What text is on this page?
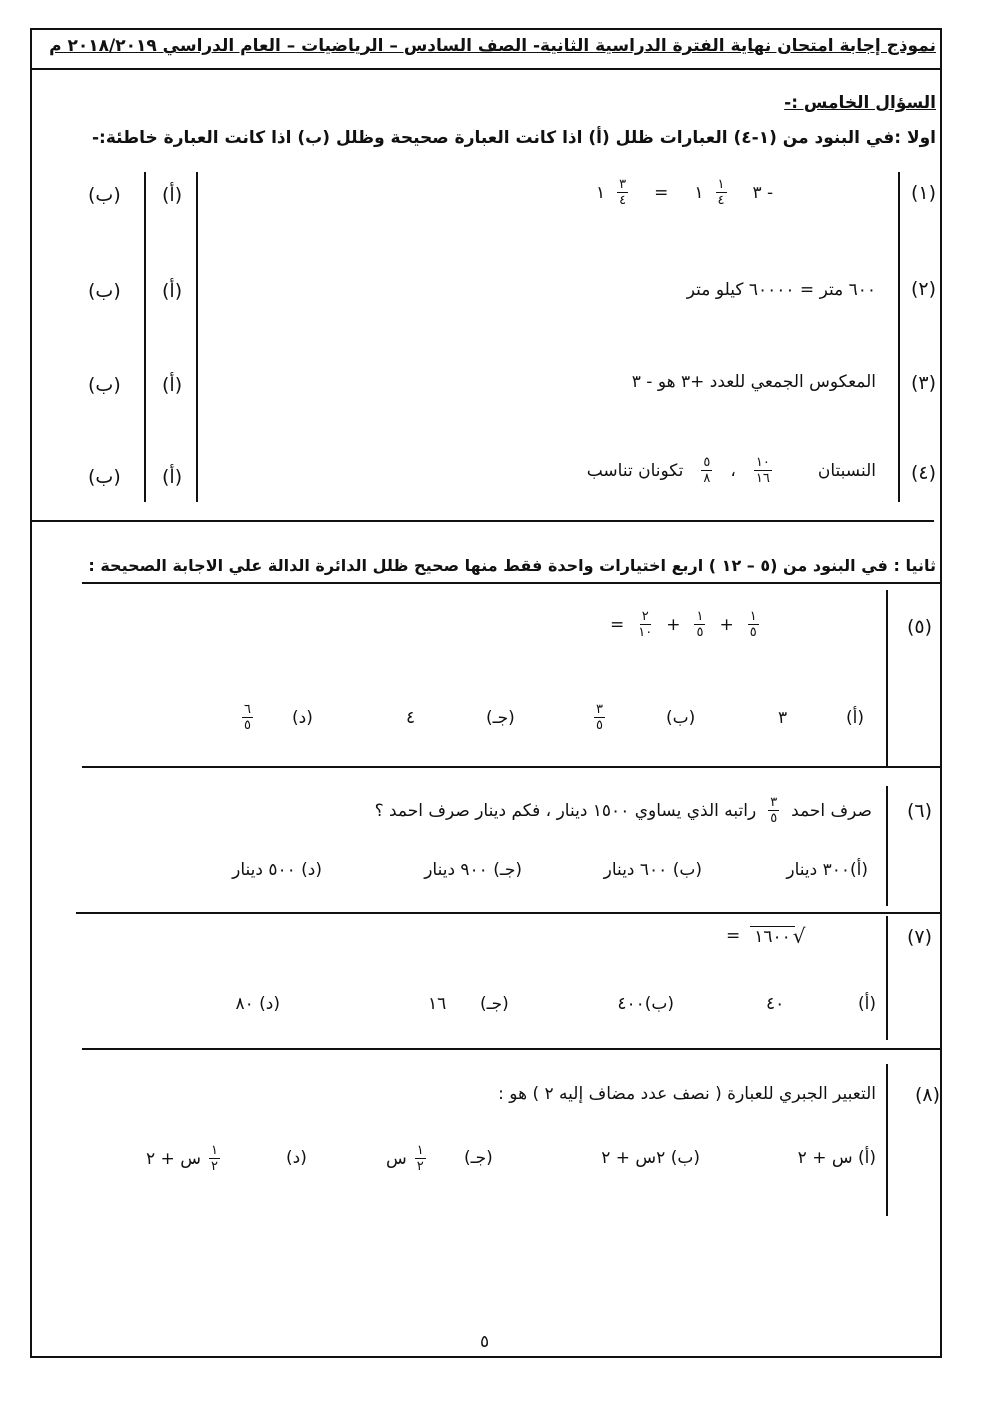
نموذج إجابة امتحان نهاية الفترة الدراسية الثانية- الصف السادس – الرياضيات – العام الدراسي ٢٠١٨/٢٠١٩ م
السؤال الخامس :-
اولا :في البنود من (١-٤) العبارات ظلل (أ) اذا كانت العبارة صحيحة وظلل (ب) اذا كانت العبارة خاطئة:-
(١)
١ $\frac{٣}{٤}$ = ١ $\frac{١}{٤}$ ٣ -
(أ)
(ب)
(٢)
٦٠٠ متر = ٦٠٠٠٠ كيلو متر
(أ)
(ب)
(٣)
المعكوس الجمعي للعدد +٣ هو - ٣
(أ)
(ب)
(٤)
النسبتان
$\frac{١٠}{١٦}$
،
$\frac{٥}{٨}$
تكونان تناسب
(أ)
(ب)
ثانيا : في البنود من (٥ – ١٢ ) اربع اختيارات واحدة فقط منها صحيح ظلل الدائرة الدالة علي الاجابة الصحيحة :
(٥)
= $\frac{٢}{١٠} + \frac{١}{٥} + \frac{١}{٥}$
(أ)
٣
(ب)
$\frac{٣}{٥}$
(جـ)
٤
(د)
$\frac{٦}{٥}$
(٦)
صرف احمد
$\frac{٣}{٥}$
راتبه الذي يساوي ١٥٠٠ دينار ، فكم دينار صرف احمد ؟
(أ)٣٠٠ دينار
(ب) ٦٠٠ دينار
(جـ) ٩٠٠ دينار
(د) ٥٠٠ دينار
(٧)
= ١٦٠٠ √
(أ)
٤٠
(ب)٤٠٠
(جـ)
١٦
(د) ٨٠
(٨)
التعبير الجبري للعبارة ( نصف عدد مضاف إليه ٢ ) هو :
(أ) س + ٢
(ب) ٢س + ٢
(جـ)
$\frac{١}{٢}$
س
(د)
$\frac{١}{٢}$
س + ٢
٥
